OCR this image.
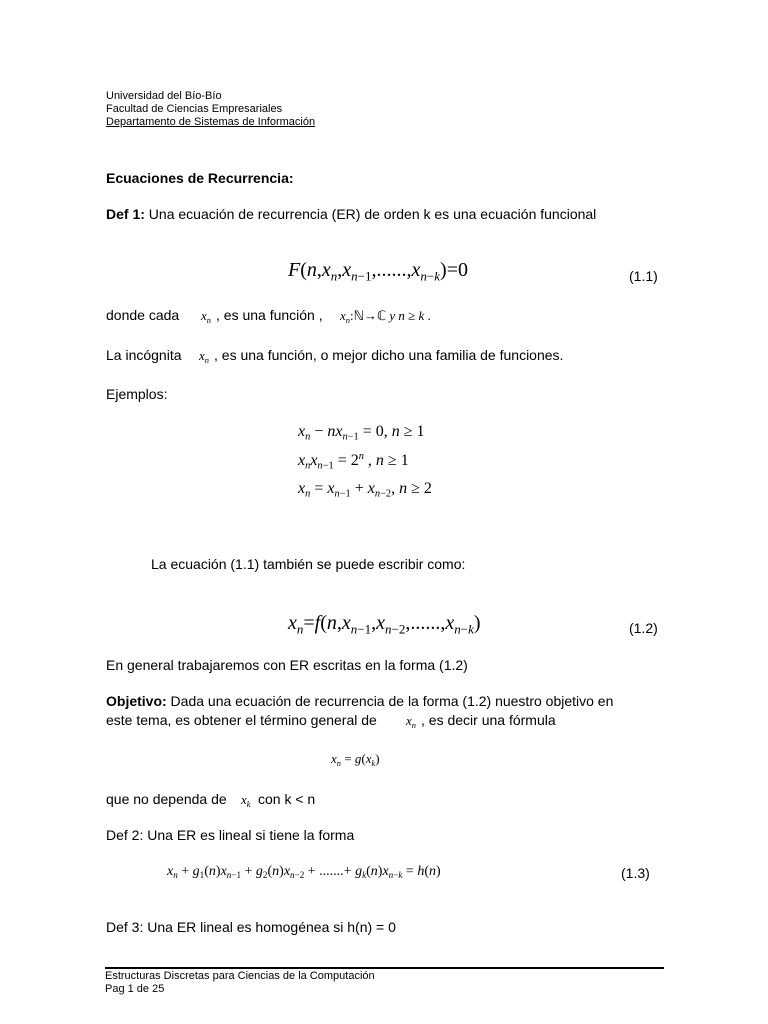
Universidad del Bío-Bío
Facultad de Ciencias Empresariales
Departamento de Sistemas de Información
Ecuaciones de Recurrencia:
Def 1: Una ecuación de recurrencia (ER) de orden k es una ecuación funcional
$F(n,x_n,x_{n-1},......,x_{n-k})=0$	(1.1)
donde cada $x_n$ , es una función , $x_n:ℕ\to ℂ$ y n ≥ k .
La incógnita $x_n$ , es una función, o mejor dicho una familia de funciones.
Ejemplos:
$x_n - nx_{n-1} = 0$, n ≥ 1
$x_nx_{n-1} = 2^n$ , n ≥ 1
$x_n = x_{n-1} + x_{n-2}$, n ≥ 2
La ecuación (1.1) también se puede escribir como:
$x_n=f(n,x_{n-1},x_{n-2},......,x_{n-k})$	(1.2)
En general trabajaremos con ER escritas en la forma (1.2)
Objetivo: Dada una ecuación de recurrencia de la forma (1.2) nuestro objetivo en
este tema, es obtener el término general de $x_n$ , es decir una fórmula
$x_n = g(x_k)$
que no dependa de $x_k$ con k < n
Def 2: Una ER es lineal si tiene la forma
$x_n + g_1(n)x_{n-1} + g_2(n)x_{n-2}$ + .......+ $g_k(n)x_{n-k} = h(n)$	(1.3)
Def 3: Una ER lineal es homogénea si h(n) = 0
Estructuras Discretas para Ciencias de la Computación
Pag 1 de 25
